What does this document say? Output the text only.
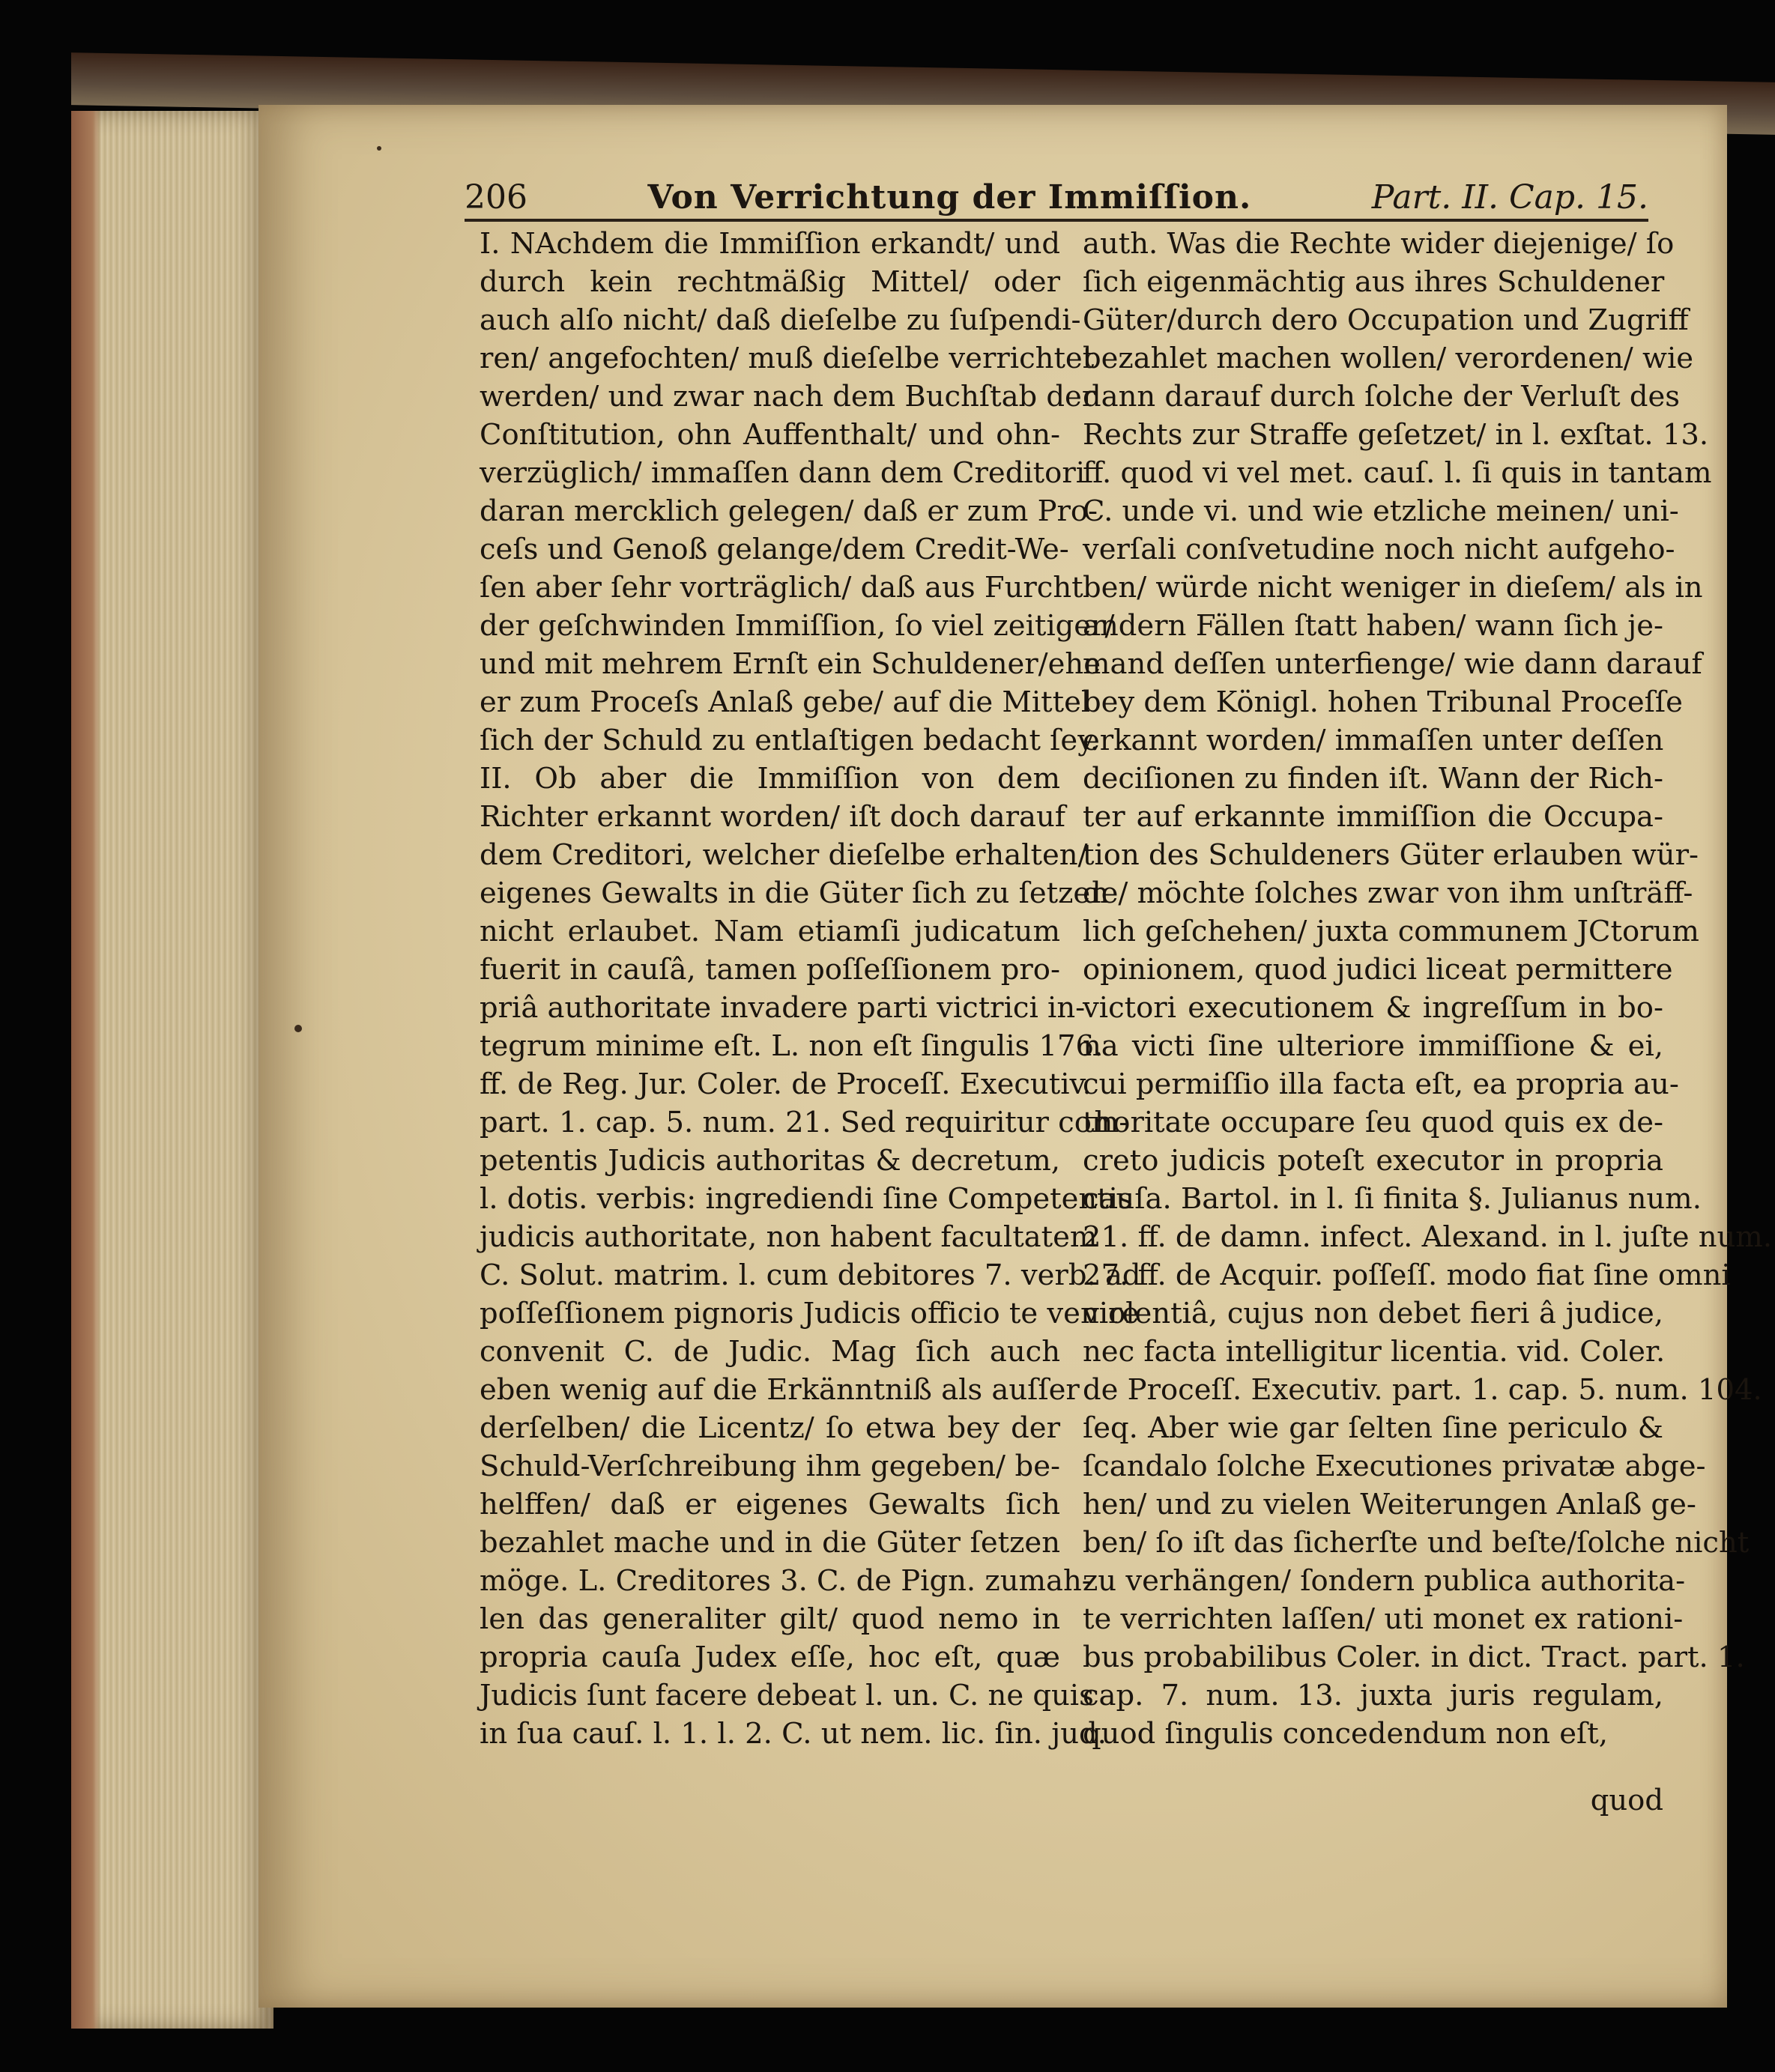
206	Von Verrichtung der Immiſſion.	Part. II. Cap. 15.
I. NAchdem die Immiſſion erkandt/ und
durch kein rechtmäßig Mittel/ oder
auch alſo nicht/ daß dieſelbe zu ſuſpendi-
ren/ angefochten/ muß dieſelbe verrichtet
werden/ und zwar nach dem Buchſtab der
Conſtitution, ohn Auffenthalt/ und ohn-
verzüglich/ immaſſen dann dem Creditori
daran mercklich gelegen/ daß er zum Pro-
ceſs und Genoß gelange/dem Credit-We-
ſen aber ſehr vorträglich/ daß aus Furcht
der geſchwinden Immiſſion, ſo viel zeitiger/
und mit mehrem Ernſt ein Schuldener/ehe
er zum Proceſs Anlaß gebe/ auf die Mittel
ſich der Schuld zu entlaſtigen bedacht ſey.
II. Ob aber die Immiſſion von dem
Richter erkannt worden/ iſt doch darauf
dem Creditori, welcher dieſelbe erhalten/
eigenes Gewalts in die Güter ſich zu ſetzen
nicht erlaubet. Nam etiamſi judicatum
fuerit in cauſâ, tamen poſſeſſionem pro-
priâ authoritate invadere parti victrici in-
tegrum minime eſt. L. non eſt ſingulis 176.
ff. de Reg. Jur. Coler. de Proceſſ. Executiv.
part. 1. cap. 5. num. 21. Sed requiritur com-
petentis Judicis authoritas & decretum,
l. dotis. verbis: ingrediendi ſine Competentis
judicis authoritate, non habent facultatem
C. Solut. matrim. l. cum debitores 7. verb. ad
poſſeſſionem pignoris Judicis officio te venire
convenit C. de Judic. Mag ſich auch
eben wenig auf die Erkänntniß als auſſer
derſelben/ die Licentz/ ſo etwa bey der
Schuld-Verſchreibung ihm gegeben/ be-
helffen/ daß er eigenes Gewalts ſich
bezahlet mache und in die Güter ſetzen
möge. L. Creditores 3. C. de Pign. zumah-
len das generaliter gilt/ quod nemo in
propria cauſa Judex eſſe, hoc eſt, quæ
Judicis ſunt facere debeat l. un. C. ne quis
in ſua cauſ. l. 1. l. 2. C. ut nem. lic. ſin. jud.
auth. Was die Rechte wider diejenige/ ſo
ſich eigenmächtig aus ihres Schuldener
Güter/durch dero Occupation und Zugriff
bezahlet machen wollen/ verordenen/ wie
dann darauf durch ſolche der Verluſt des
Rechts zur Straffe geſetzet/ in l. exſtat. 13.
ff. quod vi vel met. cauſ. l. ſi quis in tantam
C. unde vi. und wie etzliche meinen/ uni-
verſali conſvetudine noch nicht aufgeho-
ben/ würde nicht weniger in dieſem/ als in
andern Fällen ſtatt haben/ wann ſich je-
mand deſſen unterfienge/ wie dann darauf
bey dem Königl. hohen Tribunal Proceſſe
erkannt worden/ immaſſen unter deſſen
deciſionen zu finden iſt. Wann der Rich-
ter auf erkannte immiſſion die Occupa-
tion des Schuldeners Güter erlauben wür-
de/ möchte ſolches zwar von ihm unſträff-
lich geſchehen/ juxta communem JCtorum
opinionem, quod judici liceat permittere
victori executionem & ingreſſum in bo-
na victi ſine ulteriore immiſſione & ei,
cui permiſſio illa facta eſt, ea propria au-
thoritate occupare ſeu quod quis ex de-
creto judicis poteſt executor in propria
cauſa. Bartol. in l. ſi finita §. Julianus num.
21. ff. de damn. infect. Alexand. in l. juſte num.
27. ff. de Acquir. poſſeſſ. modo fiat ſine omni
violentiâ, cujus non debet fieri â judice,
nec facta intelligitur licentia. vid. Coler.
de Proceſſ. Executiv. part. 1. cap. 5. num. 104.
ſeq. Aber wie gar ſelten ſine periculo &
ſcandalo ſolche Executiones privatæ abge-
hen/ und zu vielen Weiterungen Anlaß ge-
ben/ ſo iſt das ſicherſte und beſte/ſolche nicht
zu verhängen/ ſondern publica authorita-
te verrichten laſſen/ uti monet ex rationi-
bus probabilibus Coler. in dict. Tract. part. 1.
cap. 7. num. 13. juxta juris regulam,
quod ſingulis concedendum non eſt,
quod
